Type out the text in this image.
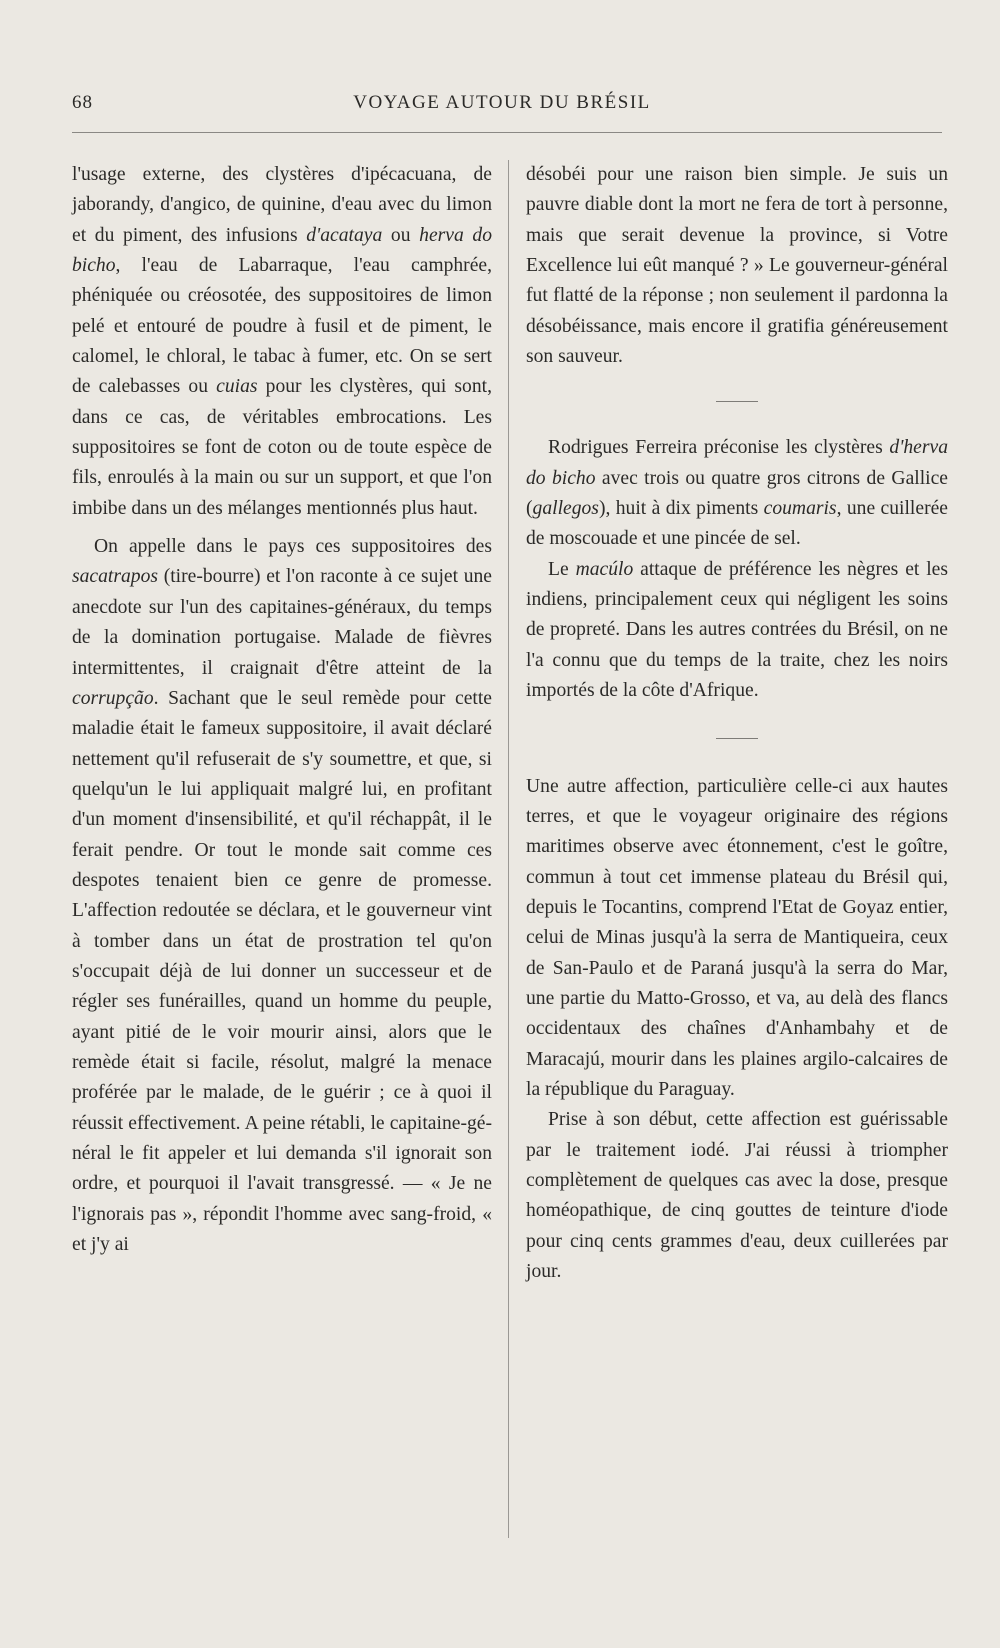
68	VOYAGE AUTOUR DU BRÉSIL

l'usage externe, des clystères d'ipécacuana, de jaborandy, d'angico, de quinine, d'eau avec du limon et du piment, des infusions d'acataya ou herva do bicho, l'eau de Labarraque, l'eau camphrée, phéniquée ou créosotée, des suppositoires de limon pelé et entouré de poudre à fusil et de piment, le calomel, le chloral, le tabac à fumer, etc. On se sert de calebasses ou cuias pour les clystères, qui sont, dans ce cas, de véritables embrocations. Les suppositoires se font de coton ou de toute espèce de fils, enroulés à la main ou sur un support, et que l'on imbibe dans un des mélanges mentionnés plus haut.

On appelle dans le pays ces suppositoires des sacatrapos (tire-bourre) et l'on raconte à ce sujet une anecdote sur l'un des capitaines-généraux, du temps de la domination portugaise. Malade de fièvres intermittentes, il craignait d'être atteint de la corrupção. Sachant que le seul remède pour cette maladie était le fameux suppositoire, il avait déclaré nettement qu'il refuserait de s'y soumettre, et que, si quelqu'un le lui appliquait malgré lui, en profitant d'un moment d'insensibilité, et qu'il réchappât, il le ferait pendre. Or tout le monde sait comme ces despotes tenaient bien ce genre de promesse. L'affection redoutée se déclara, et le gouverneur vint à tomber dans un état de prostration tel qu'on s'occupait déjà de lui donner un successeur et de régler ses funérailles, quand un homme du peuple, ayant pitié de le voir mourir ainsi, alors que le remède était si facile, résolut, malgré la menace proférée par le malade, de le guérir ; ce à quoi il réussit effectivement. A peine rétabli, le capitaine-général le fit appeler et lui demanda s'il ignorait son ordre, et pourquoi il l'avait transgressé. — « Je ne l'ignorais pas », répondit l'homme avec sang-froid, « et j'y ai

désobéi pour une raison bien simple. Je suis un pauvre diable dont la mort ne fera de tort à personne, mais que serait devenue la province, si Votre Excellence lui eût manqué ? » Le gouverneur-général fut flatté de la réponse ; non seulement il pardonna la désobéissance, mais encore il gratifia généreusement son sauveur.

Rodrigues Ferreira préconise les clystères d'herva do bicho avec trois ou quatre gros citrons de Gallice (gallegos), huit à dix piments coumaris, une cuillerée de moscouade et une pincée de sel.

Le macúlo attaque de préférence les nègres et les indiens, principalement ceux qui négligent les soins de propreté. Dans les autres contrées du Brésil, on ne l'a connu que du temps de la traite, chez les noirs importés de la côte d'Afrique.

Une autre affection, particulière celle-ci aux hautes terres, et que le voyageur originaire des régions maritimes observe avec étonnement, c'est le goître, commun à tout cet immense plateau du Brésil qui, depuis le Tocantins, comprend l'Etat de Goyaz entier, celui de Minas jusqu'à la serra de Mantiqueira, ceux de San-Paulo et de Paraná jusqu'à la serra do Mar, une partie du Matto-Grosso, et va, au delà des flancs occidentaux des chaînes d'Anhambahy et de Maracajú, mourir dans les plaines argilo-calcaires de la république du Paraguay.

Prise à son début, cette affection est guérissable par le traitement iodé. J'ai réussi à triompher complètement de quelques cas avec la dose, presque homéopathique, de cinq gouttes de teinture d'iode pour cinq cents grammes d'eau, deux cuillerées par jour.
